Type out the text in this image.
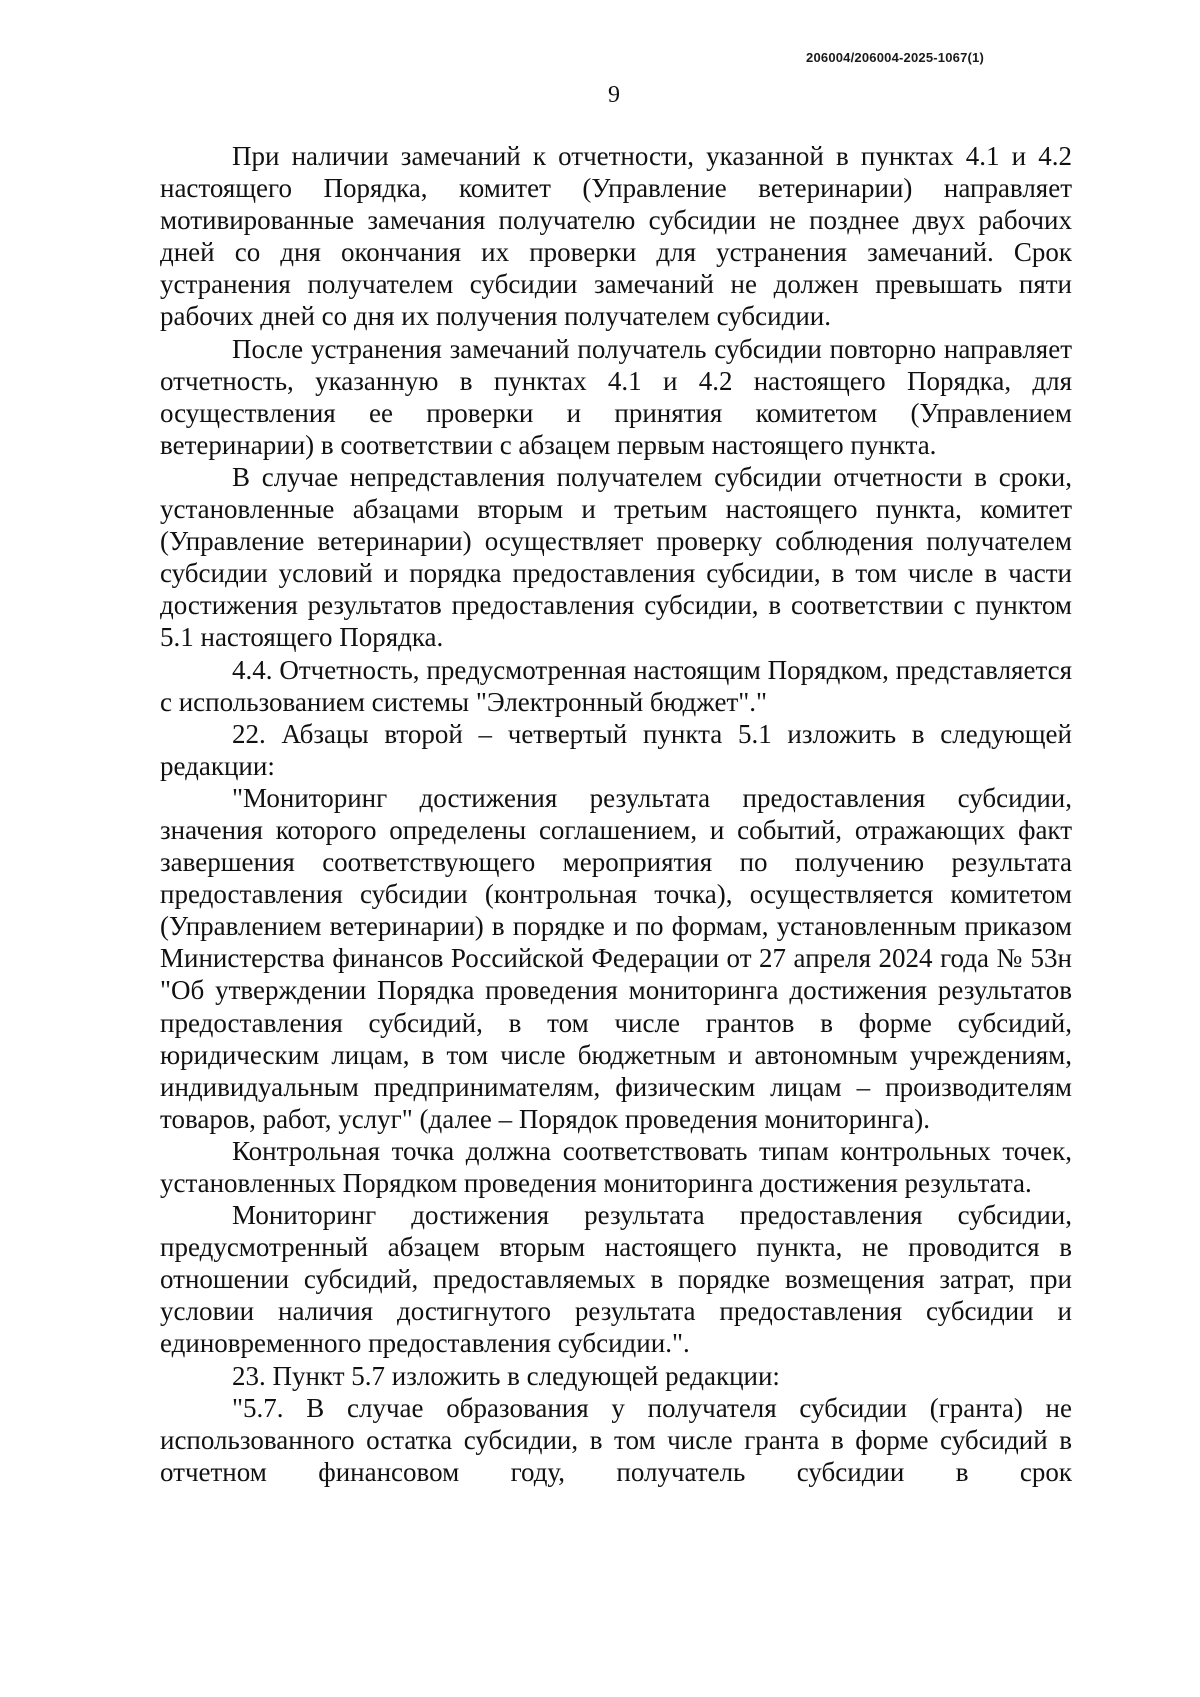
206004/206004-2025-1067(1)
9

При наличии замечаний к отчетности, указанной в пунктах 4.1 и 4.2 настоящего Порядка, комитет (Управление ветеринарии) направляет мотивированные замечания получателю субсидии не позднее двух рабочих дней со дня окончания их проверки для устранения замечаний. Срок устранения получателем субсидии замечаний не должен превышать пяти рабочих дней со дня их получения получателем субсидии.

После устранения замечаний получатель субсидии повторно направляет отчетность, указанную в пунктах 4.1 и 4.2 настоящего Порядка, для осуществления ее проверки и принятия комитетом (Управлением ветеринарии) в соответствии с абзацем первым настоящего пункта.

В случае непредставления получателем субсидии отчетности в сроки, установленные абзацами вторым и третьим настоящего пункта, комитет (Управление ветеринарии) осуществляет проверку соблюдения получателем субсидии условий и порядка предоставления субсидии, в том числе в части достижения результатов предоставления субсидии, в соответствии с пунктом 5.1 настоящего Порядка.

4.4. Отчетность, предусмотренная настоящим Порядком, представляется с использованием системы "Электронный бюджет"."

22. Абзацы второй – четвертый пункта 5.1 изложить в следующей редакции:

"Мониторинг достижения результата предоставления субсидии, значения которого определены соглашением, и событий, отражающих факт завершения соответствующего мероприятия по получению результата предоставления субсидии (контрольная точка), осуществляется комитетом (Управлением ветеринарии) в порядке и по формам, установленным приказом Министерства финансов Российской Федерации от 27 апреля 2024 года № 53н "Об утверждении Порядка проведения мониторинга достижения результатов предоставления субсидий, в том числе грантов в форме субсидий, юридическим лицам, в том числе бюджетным и автономным учреждениям, индивидуальным предпринимателям, физическим лицам – производителям товаров, работ, услуг" (далее – Порядок проведения мониторинга).

Контрольная точка должна соответствовать типам контрольных точек, установленных Порядком проведения мониторинга достижения результата.

Мониторинг достижения результата предоставления субсидии, предусмотренный абзацем вторым настоящего пункта, не проводится в отношении субсидий, предоставляемых в порядке возмещения затрат, при условии наличия достигнутого результата предоставления субсидии и единовременного предоставления субсидии.".

23. Пункт 5.7 изложить в следующей редакции:

"5.7. В случае образования у получателя субсидии (гранта) не использованного остатка субсидии, в том числе гранта в форме субсидий в отчетном финансовом году, получатель субсидии в срок
